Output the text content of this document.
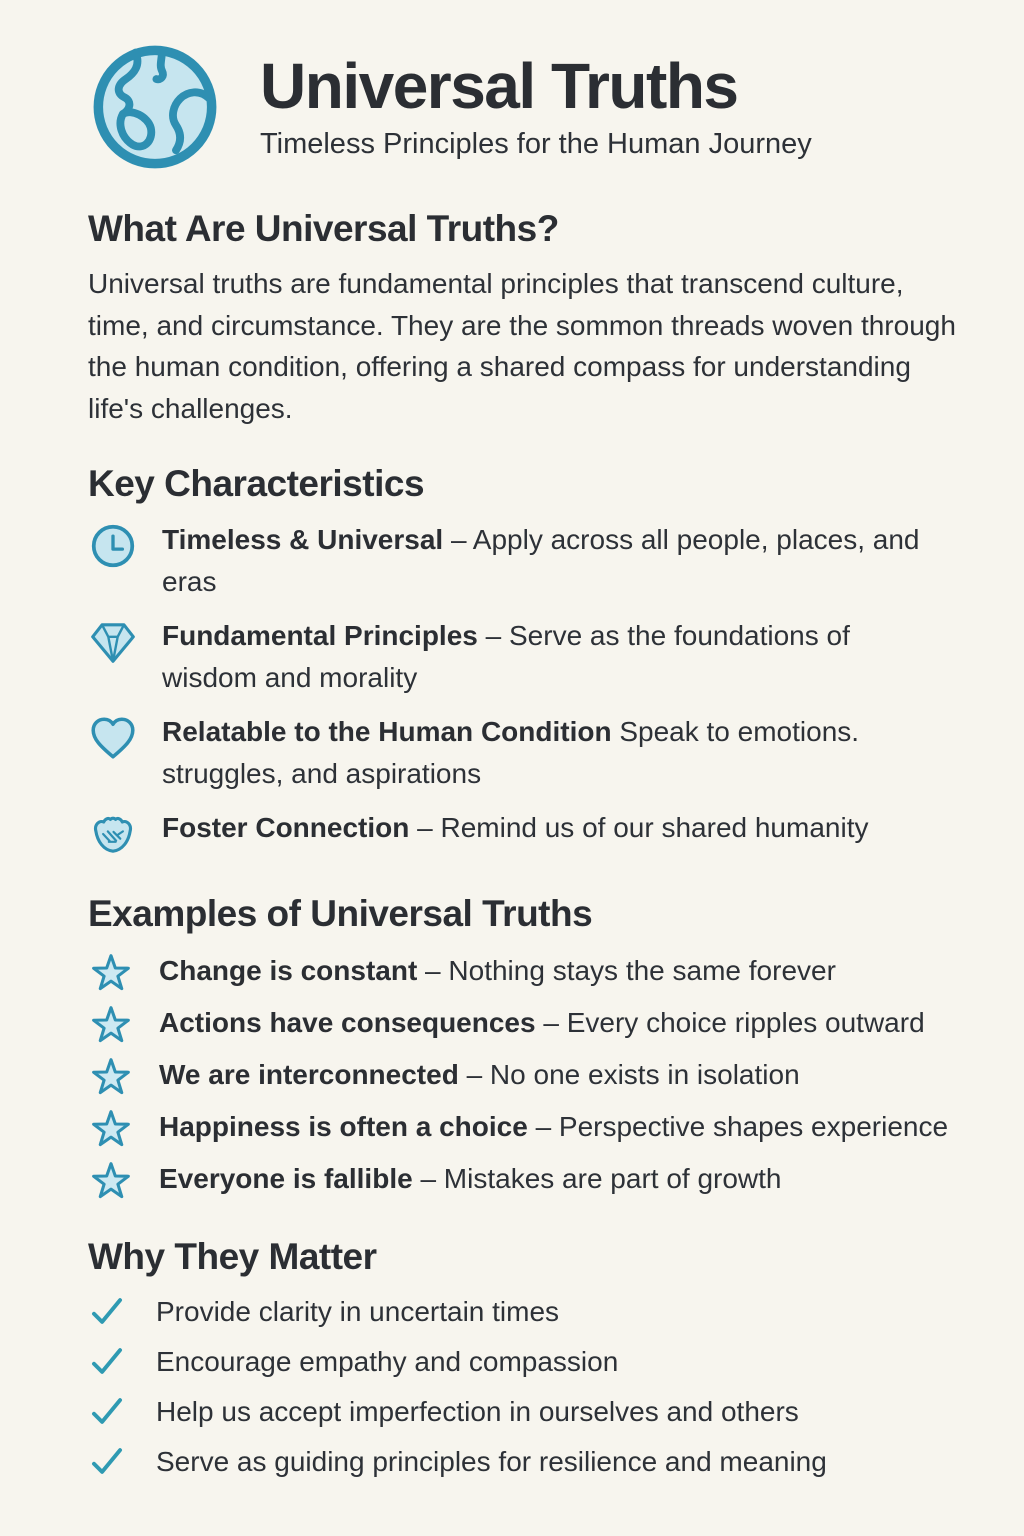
Universal Truths
Timeless Principles for the Human Journey
What Are Universal Truths?

Universal truths are fundamental principles that transcend culture, time, and circumstance. They are the sommon threads woven through the human condition, offering a shared compass for understanding life's challenges.

Key Characteristics

Timeless & Universal – Apply across all people, places, and eras

Fundamental Principles – Serve as the foundations of wisdom and morality

Relatable to the Human Condition Speak to emotions. struggles, and aspirations

Foster Connection – Remind us of our shared humanity

Examples of Universal Truths

Change is constant – Nothing stays the same forever

Actions have consequences – Every choice ripples outward

We are interconnected – No one exists in isolation

Happiness is often a choice – Perspective shapes experience

Everyone is fallible – Mistakes are part of growth

Why They Matter

Provide clarity in uncertain times

Encourage empathy and compassion

Help us accept imperfection in ourselves and others

Serve as guiding principles for resilience and meaning
